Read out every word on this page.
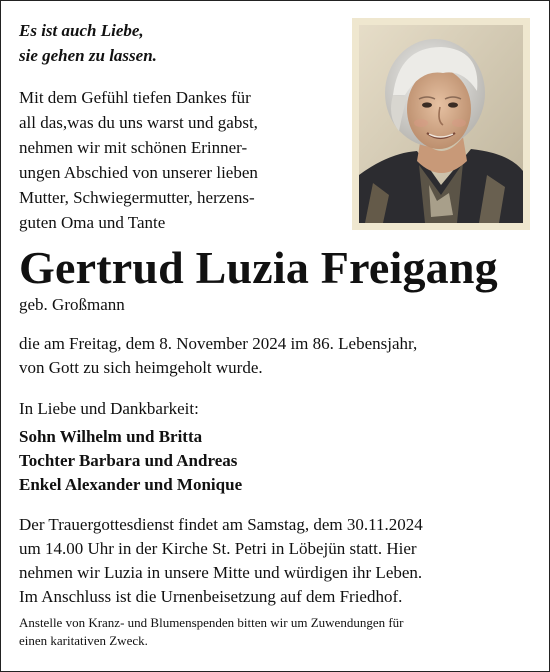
Es ist auch Liebe,
sie gehen zu lassen.
Mit dem Gefühl tiefen Dankes für
all das,was du uns warst und gabst,
nehmen wir mit schönen Erinner-
ungen Abschied von unserer lieben
Mutter, Schwiegermutter, herzens-
guten Oma und Tante
Gertrud Luzia Freigang
geb. Großmann
die am Freitag, dem 8. November 2024 im 86. Lebensjahr,
von Gott zu sich heimgeholt wurde.
In Liebe und Dankbarkeit:
Sohn Wilhelm und Britta
Tochter Barbara und Andreas
Enkel Alexander und Monique
Der Trauergottesdienst findet am Samstag, dem 30.11.2024
um 14.00 Uhr in der Kirche St. Petri in Löbejün statt. Hier
nehmen wir Luzia in unsere Mitte und würdigen ihr Leben.
Im Anschluss ist die Urnenbeisetzung auf dem Friedhof.
Anstelle von Kranz- und Blumenspenden bitten wir um Zuwendungen für
einen karitativen Zweck.
